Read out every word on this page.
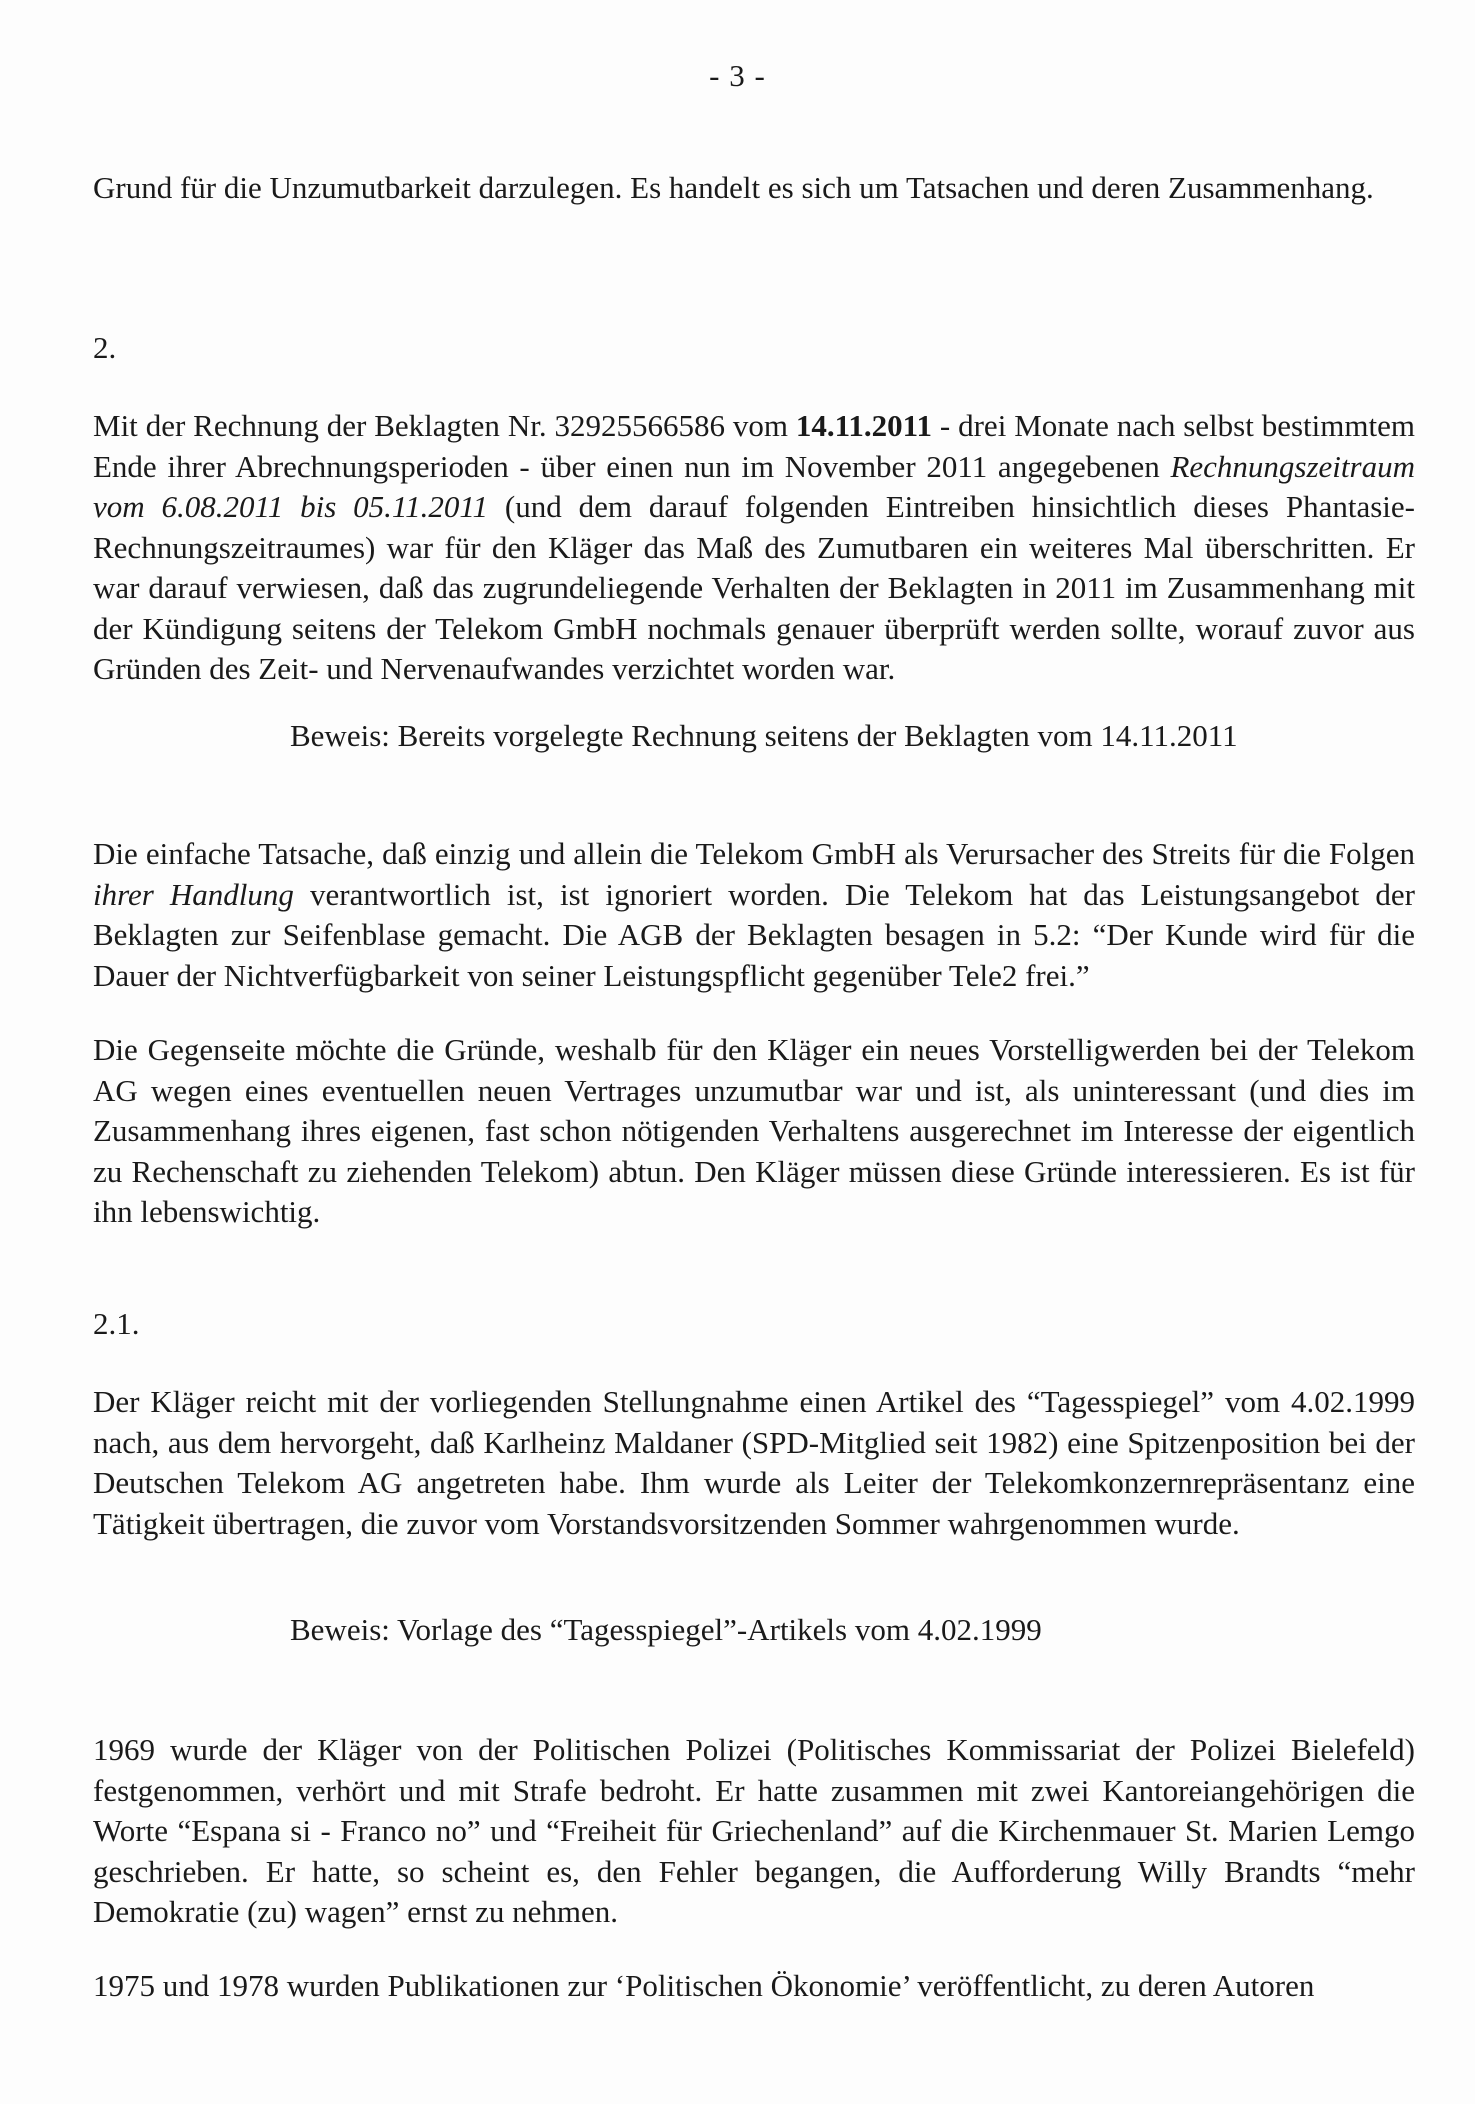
- 3 -

Grund für die Unzumutbarkeit darzulegen. Es handelt es sich um Tatsachen und deren Zusammenhang.

2.

Mit der Rechnung der Beklagten Nr. 32925566586 vom 14.11.2011 - drei Monate nach selbst bestimmtem Ende ihrer Abrechnungsperioden - über einen nun im November 2011 angegebenen Rechnungszeitraum vom 6.08.2011 bis 05.11.2011 (und dem darauf folgenden Eintreiben hinsichtlich dieses Phantasie-Rechnungszeitraumes) war für den Kläger das Maß des Zumutbaren ein weiteres Mal überschritten. Er war darauf verwiesen, daß das zugrundeliegende Verhalten der Beklagten in 2011 im Zusammenhang mit der Kündigung seitens der Telekom GmbH nochmals genauer überprüft werden sollte, worauf zuvor aus Gründen des Zeit- und Nervenaufwandes verzichtet worden war.

Beweis: Bereits vorgelegte Rechnung seitens der Beklagten vom 14.11.2011

Die einfache Tatsache, daß einzig und allein die Telekom GmbH als Verursacher des Streits für die Folgen ihrer Handlung verantwortlich ist, ist ignoriert worden. Die Telekom hat das Leistungsangebot der Beklagten zur Seifenblase gemacht. Die AGB der Beklagten besagen in 5.2: “Der Kunde wird für die Dauer der Nichtverfügbarkeit von seiner Leistungspflicht gegenüber Tele2 frei.”

Die Gegenseite möchte die Gründe, weshalb für den Kläger ein neues Vorstelligwerden bei der Telekom AG wegen eines eventuellen neuen Vertrages unzumutbar war und ist, als uninteressant (und dies im Zusammenhang ihres eigenen, fast schon nötigenden Verhaltens ausgerechnet im Interesse der eigentlich zu Rechenschaft zu ziehenden Telekom) abtun. Den Kläger müssen diese Gründe interessieren. Es ist für ihn lebenswichtig.

2.1.

Der Kläger reicht mit der vorliegenden Stellungnahme einen Artikel des “Tagesspiegel” vom 4.02.1999 nach, aus dem hervorgeht, daß Karlheinz Maldaner (SPD-Mitglied seit 1982) eine Spitzenposition bei der Deutschen Telekom AG angetreten habe. Ihm wurde als Leiter der Telekomkonzernrepräsentanz eine Tätigkeit übertragen, die zuvor vom Vorstandsvorsitzenden Sommer wahrgenommen wurde.

Beweis: Vorlage des “Tagesspiegel”-Artikels vom 4.02.1999

1969 wurde der Kläger von der Politischen Polizei (Politisches Kommissariat der Polizei Bielefeld) festgenommen, verhört und mit Strafe bedroht. Er hatte zusammen mit zwei Kantoreiangehörigen die Worte “Espana si - Franco no” und “Freiheit für Griechenland” auf die Kirchenmauer St. Marien Lemgo geschrieben. Er hatte, so scheint es, den Fehler begangen, die Aufforderung Willy Brandts “mehr Demokratie (zu) wagen” ernst zu nehmen.

1975 und 1978 wurden Publikationen zur ‘Politischen Ökonomie’ veröffentlicht, zu deren Autoren
